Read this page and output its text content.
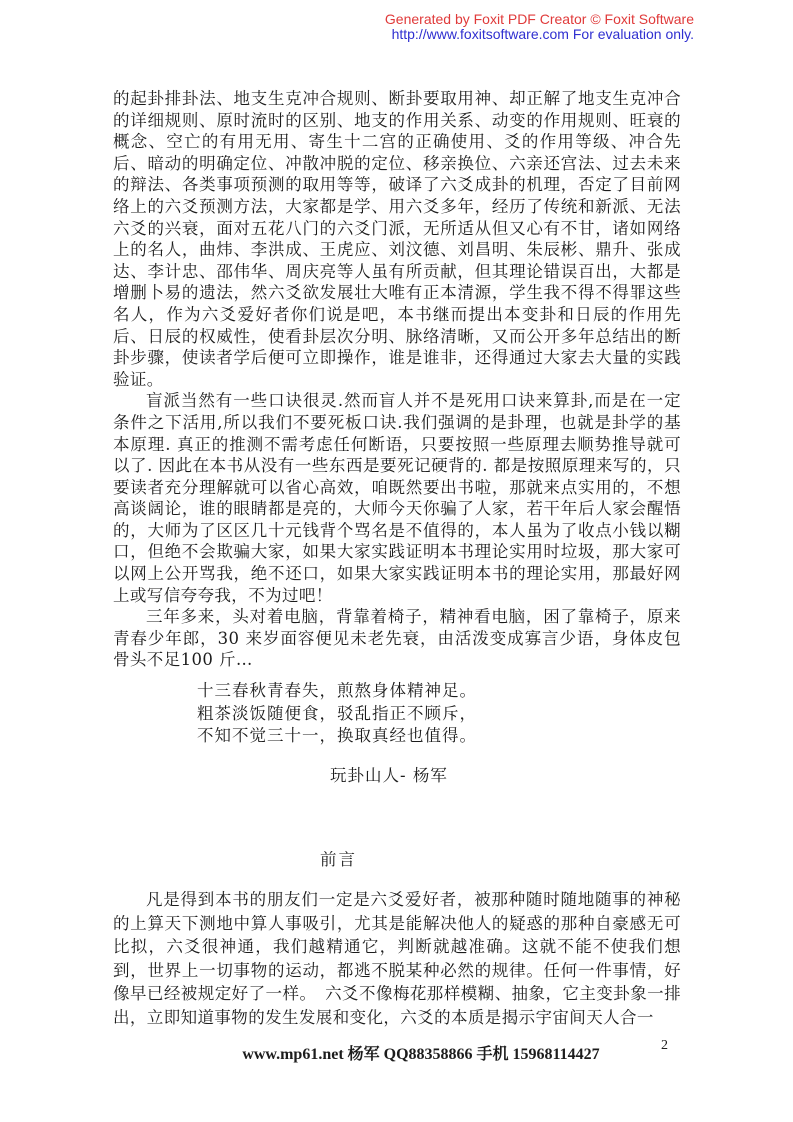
Generated by Foxit PDF Creator © Foxit Software
http://www.foxitsoftware.com For evaluation only.

的起卦排卦法、地支生克冲合规则、断卦要取用神、却正解了地支生克冲合的详细规则、原时流时的区别、地支的作用关系、动变的作用规则、旺衰的概念、空亡的有用无用、寄生十二宫的正确使用、爻的作用等级、冲合先后、暗动的明确定位、冲散冲脱的定位、移亲换位、六亲还宫法、过去未来的辩法、各类事项预测的取用等等，破译了六爻成卦的机理，否定了目前网络上的六爻预测方法，大家都是学、用六爻多年，经历了传统和新派、无法六爻的兴衰，面对五花八门的六爻门派，无所适从但又心有不甘，诸如网络上的名人，曲炜、李洪成、王虎应、刘汶德、刘昌明、朱辰彬、鼎升、张成达、李计忠、邵伟华、周庆亮等人虽有所贡献，但其理论错误百出，大都是增删卜易的遗法，然六爻欲发展壮大唯有正本清源，学生我不得不得罪这些名人，作为六爻爱好者你们说是吧，本书继而提出本变卦和日辰的作用先后、日辰的权威性，使看卦层次分明、脉络清晰，又而公开多年总结出的断卦步骤，使读者学后便可立即操作，谁是谁非，还得通过大家去大量的实践验证。

盲派当然有一些口诀很灵.然而盲人并不是死用口诀来算卦,而是在一定条件之下活用,所以我们不要死板口诀.我们强调的是卦理，也就是卦学的基本原理. 真正的推测不需考虑任何断语，只要按照一些原理去顺势推导就可以了. 因此在本书从没有一些东西是要死记硬背的. 都是按照原理来写的，只要读者充分理解就可以省心高效，咱既然要出书啦，那就来点实用的，不想高谈阔论，谁的眼睛都是亮的，大师今天你骗了人家，若干年后人家会醒悟的，大师为了区区几十元钱背个骂名是不值得的，本人虽为了收点小钱以糊口，但绝不会欺骗大家，如果大家实践证明本书理论实用时垃圾，那大家可以网上公开骂我，绝不还口，如果大家实践证明本书的理论实用，那最好网上或写信夸夸我，不为过吧！

三年多来，头对着电脑，背靠着椅子，精神看电脑，困了靠椅子，原来青春少年郎，30 来岁面容便见未老先衰，由活泼变成寡言少语，身体皮包骨头不足100 斤…

十三春秋青春失，煎熬身体精神足。
粗茶淡饭随便食，驳乱指正不顾斥，
不知不觉三十一，换取真经也值得。
玩卦山人- 杨军
前言

凡是得到本书的朋友们一定是六爻爱好者，被那种随时随地随事的神秘的上算天下测地中算人事吸引，尤其是能解决他人的疑惑的那种自豪感无可比拟，六爻很神通，我们越精通它，判断就越准确。这就不能不使我们想到，世界上一切事物的运动，都逃不脱某种必然的规律。任何一件事情，好像早已经被规定好了一样。　六爻不像梅花那样模糊、抽象，它主变卦象一排出，立即知道事物的发生发展和变化，六爻的本质是揭示宇宙间天人合一

www.mp61.net 杨军 QQ88358866 手机 15968114427
2
